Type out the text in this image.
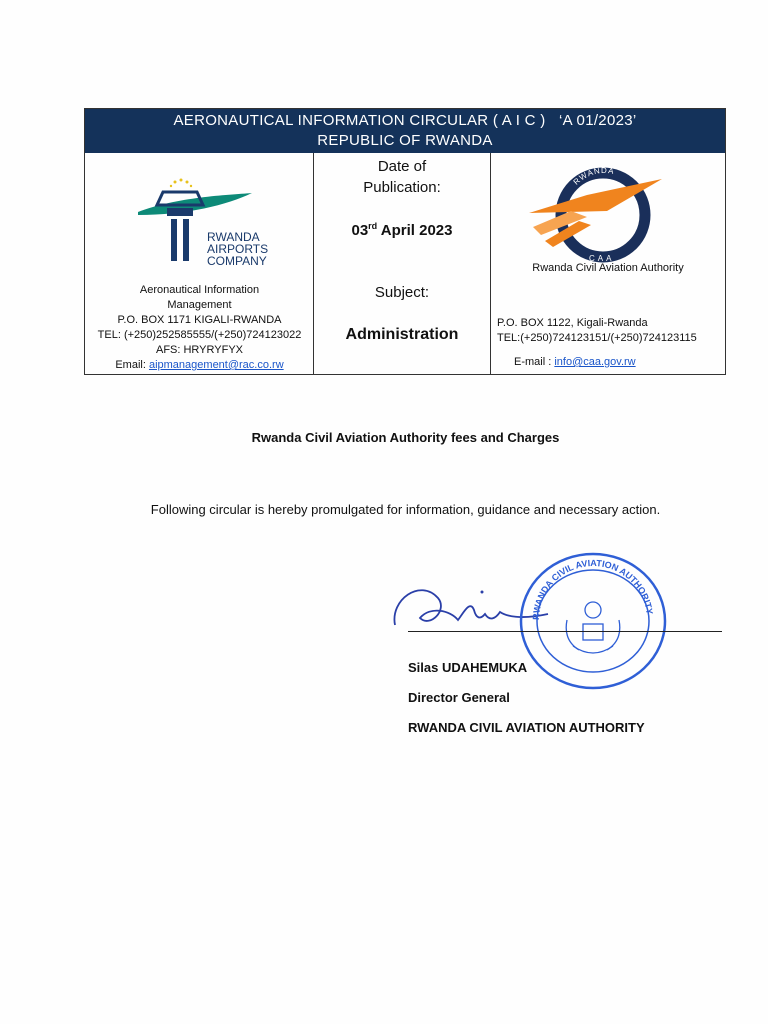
AERONAUTICAL INFORMATION CIRCULAR ( A I C )   ‘A 01/2023’
REPUBLIC OF RWANDA
RWANDA
AIRPORTS
COMPANY
Aeronautical Information
Management
P.O. BOX 1171 KIGALI-RWANDA
TEL: (+250)252585555/(+250)724123022
AFS: HRYRYFYX
Email: aipmanagement@rac.co.rw
Date of
Publication:
03rd April 2023
Subject:
Administration
RWANDA
CAA
Rwanda Civil Aviation Authority
P.O. BOX 1122, Kigali-Rwanda
TEL:(+250)724123151/(+250)724123115
E-mail : info@caa.gov.rw
Rwanda Civil Aviation Authority fees and Charges
Following circular is hereby promulgated for information, guidance and necessary action.
RWANDA CIVIL AVIATION AUTHORITY
Silas UDAHEMUKA
Director General
RWANDA CIVIL AVIATION AUTHORITY
